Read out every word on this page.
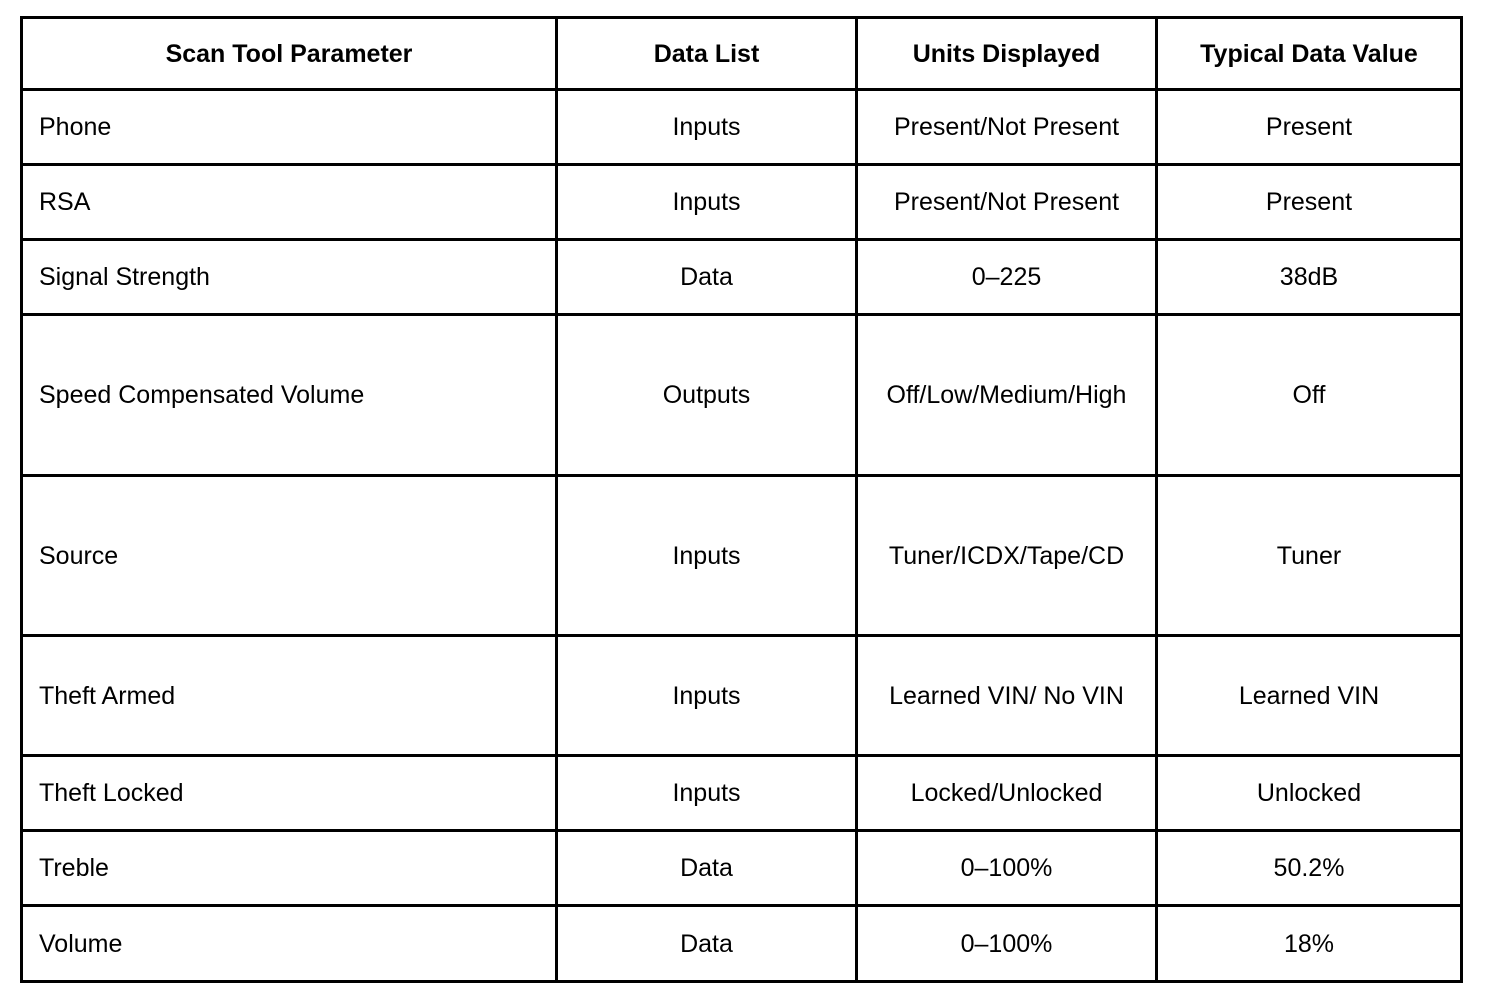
Scan Tool Parameter	Data List	Units Displayed	Typical Data Value
Phone	Inputs	Present/Not Present	Present
RSA	Inputs	Present/Not Present	Present
Signal Strength	Data	0–225	38dB
Speed Compensated Volume	Outputs	Off/Low/Medium/High	Off
Source	Inputs	Tuner/ICDX/Tape/CD	Tuner
Theft Armed	Inputs	Learned VIN/ No VIN	Learned VIN
Theft Locked	Inputs	Locked/Unlocked	Unlocked
Treble	Data	0–100%	50.2%
Volume	Data	0–100%	18%
